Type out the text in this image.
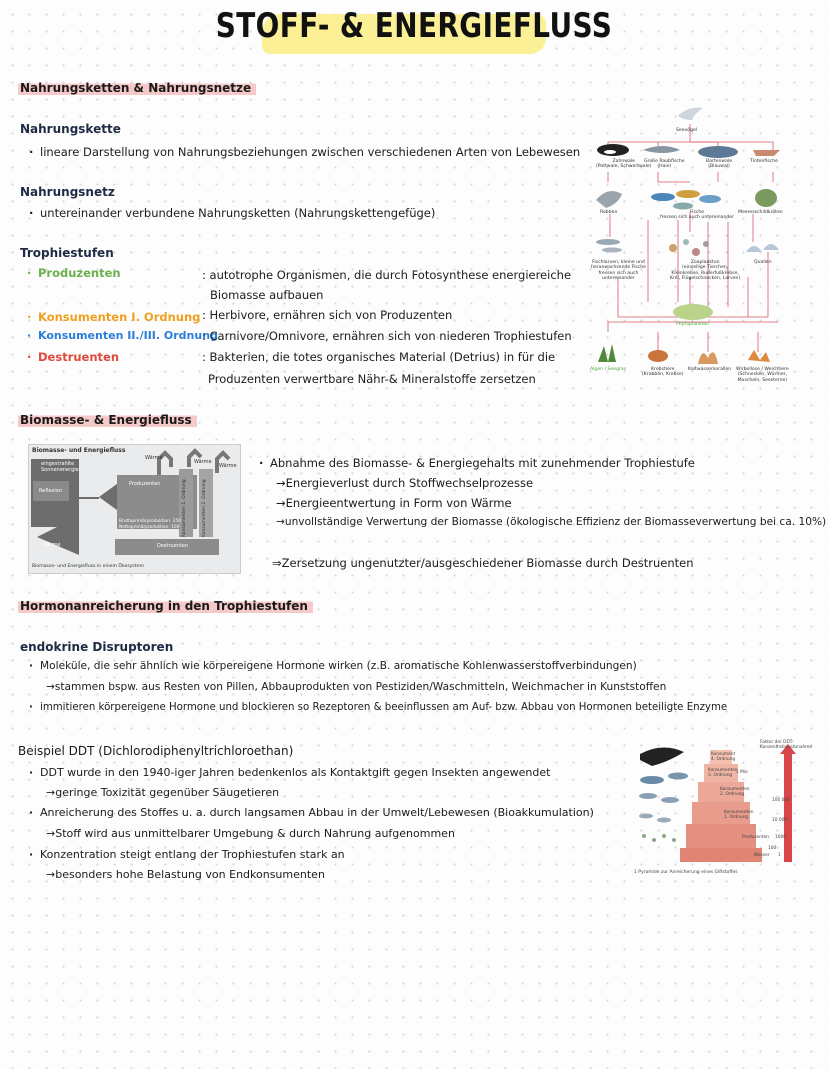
STOFF- & ENERGIEFLUSS
Nahrungsketten & Nahrungsnetze
Nahrungskette
· lineare Darstellung von Nahrungsbeziehungen zwischen verschiedenen Arten von Lebewesen
Nahrungsnetz
· untereinander verbundene Nahrungsketten (Nahrungskettengefüge)
Trophiestufen
· Produzenten	: autotrophe Organismen, die durch Fotosynthese energiereiche
Biomasse aufbauen
· Konsumenten I. Ordnung : Herbivore, ernähren sich von Produzenten
· Konsumenten II./III. Ordnung
: Carnivore/Omnivore, ernähren sich von niederen Trophiestufen
· Destruenten	: Bakterien, die totes organisches Material (Detrius) in für die
Produzenten verwertbare Nähr-& Mineralstoffe zersetzen
Seevögel
Zahnwale
(Pottwale, Schwertwale)
Große Raubfische
(Haie)
Bartenwale
(Blauwal)
Tintenfische
Robben	Fische
fressen sich auch untereinander
Meeresschildkröten
Fischlarven, kleine und
heranwachsende Fische
fressen sich auch
untereinander
Zooplankton
(einzellige Tierchen,
Kleinkrebse, Ruderfußkrebse,
Krill, Flügelschnecken, Larven)
Quallen
Phytoplankton
Algen / Seegras	Krebstiere
(Krabben, Krebse)
Kaltwasserkorallen Wirbellose / Weichtiere
(Schnecken, Würmer,
Muscheln, Seesterne)
Biomasse- & Energiefluss
Biomasse- und Energiefluss
eingestrahlte
Sonnenenergie
Reflexion
Wärme
Wärme
Wärme
Wärme
Produzenten	Konsumenten 1. Ordnung	Konsumenten 2. Ordnung
Bruttoprimärproduktion: 250
Nettoprimärproduktion: 100
Destruenten
Biomasse- und Energiefluss in einem Ökosystem
· Abnahme des Biomasse- & Energiegehalts mit zunehmender Trophiestufe
→Energieverlust durch Stoffwechselprozesse
→Energieentwertung in Form von Wärme
→unvollständige Verwertung der Biomasse (ökologische Effizienz der Biomasseverwertung bei ca. 10%)
⇒Zersetzung ungenutzter/ausgeschiedener Biomasse durch Destruenten
Hormonanreicherung in den Trophiestufen
endokrine Disruptoren
· Moleküle, die sehr ähnlich wie körpereigene Hormone wirken (z.B. aromatische Kohlenwasserstoffverbindungen)
→stammen bspw. aus Resten von Pillen, Abbauprodukten von Pestiziden/Waschmitteln, Weichmacher in Kunststoffen
· immitieren körpereigene Hormone und blockieren so Rezeptoren & beeinflussen am Auf- bzw. Abbau von Hormonen beteiligte Enzyme
Beispiel DDT (Dichlorodiphenyltrichloroethan)
· DDT wurde in den 1940-iger Jahren bedenkenlos als Kontaktgift gegen Insekten angewendet
→geringe Toxizität gegenüber Säugetieren
· Anreicherung des Stoffes u. a. durch langsamen Abbau in der Umwelt/Lebewesen (Bioakkumulation)
→Stoff wird aus unmittelbarer Umgebung & durch Nahrung aufgenommen
· Konzentration steigt entlang der Trophiestufen stark an
→besonders hohe Belastung von Endkonsumenten
Faktor der DDT-
Konzentrationszunahme
Konsument
4. Ordnung
Konsumenten
3. Ordnung
1 Mio
Konsumenten
2. Ordnung
100 000
Konsumenten
1. Ordnung
10 000
Produzenten 1000
Wasser
100
1
1 Pyramide zur Anreicherung eines Giftstoffes
